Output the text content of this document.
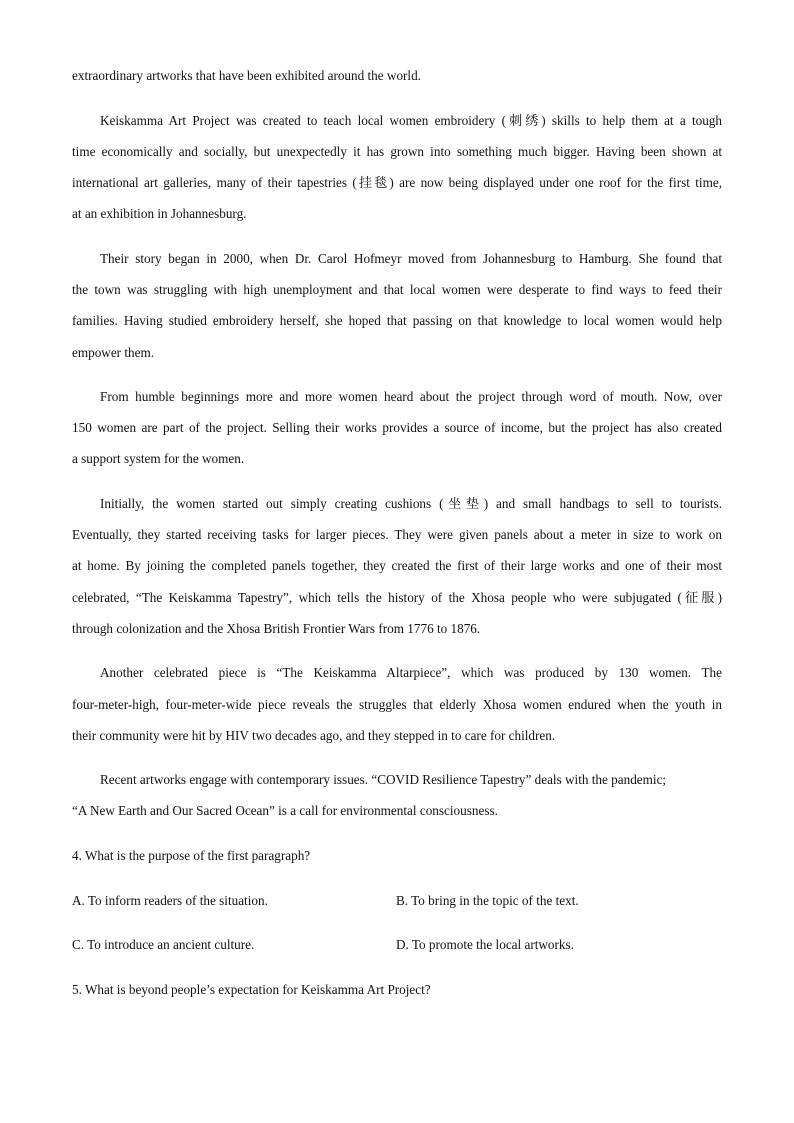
extraordinary artworks that have been exhibited around the world.
Keiskamma Art Project was created to teach local women embroidery (刺绣) skills to help them at a tough
time economically and socially, but unexpectedly it has grown into something much bigger. Having been shown at
international art galleries, many of their tapestries (挂毯) are now being displayed under one roof for the first time,
at an exhibition in Johannesburg.
Their story began in 2000, when Dr. Carol Hofmeyr moved from Johannesburg to Hamburg. She found that
the town was struggling with high unemployment and that local women were desperate to find ways to feed their
families. Having studied embroidery herself, she hoped that passing on that knowledge to local women would help
empower them.
From humble beginnings more and more women heard about the project through word of mouth. Now, over
150 women are part of the project. Selling their works provides a source of income, but the project has also created
a support system for the women.
Initially, the women started out simply creating cushions (坐垫) and small handbags to sell to tourists.
Eventually, they started receiving tasks for larger pieces. They were given panels about a meter in size to work on
at home. By joining the completed panels together, they created the first of their large works and one of their most
celebrated, “The Keiskamma Tapestry”, which tells the history of the Xhosa people who were subjugated (征服)
through colonization and the Xhosa British Frontier Wars from 1776 to 1876.
Another celebrated piece is “The Keiskamma Altarpiece”, which was produced by 130 women. The
four-meter-high, four-meter-wide piece reveals the struggles that elderly Xhosa women endured when the youth in
their community were hit by HIV two decades ago, and they stepped in to care for children.
Recent artworks engage with contemporary issues. “COVID Resilience Tapestry” deals with the pandemic;
“A New Earth and Our Sacred Ocean” is a call for environmental consciousness.
4. What is the purpose of the first paragraph?
A. To inform readers of the situation.	B. To bring in the topic of the text.
C. To introduce an ancient culture.	D. To promote the local artworks.
5. What is beyond people’s expectation for Keiskamma Art Project?
